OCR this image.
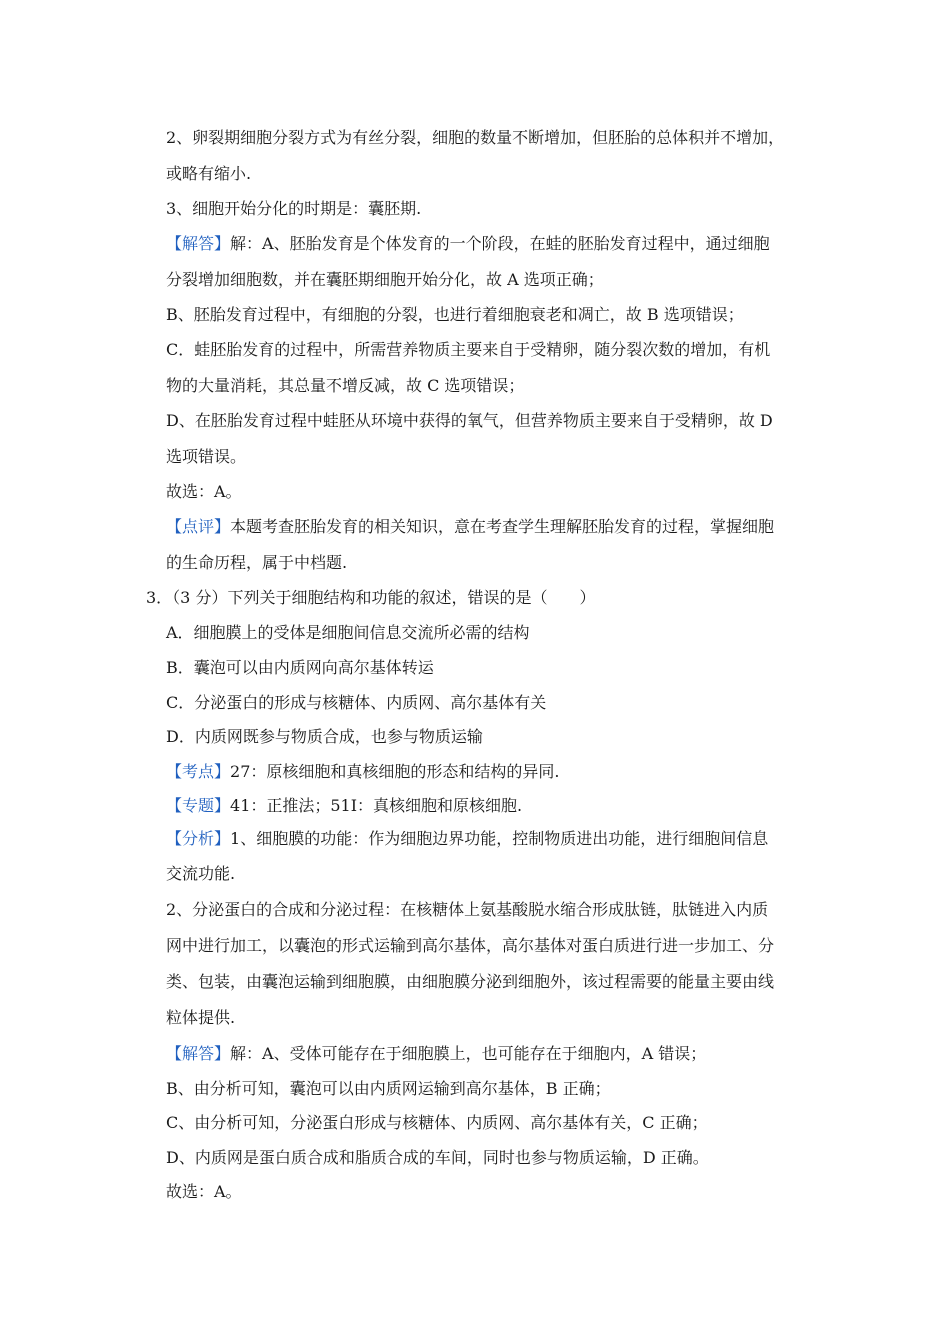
2、卵裂期细胞分裂方式为有丝分裂，细胞的数量不断增加，但胚胎的总体积并不增加，
或略有缩小.
3、细胞开始分化的时期是：囊胚期.
【解答】解：A、胚胎发育是个体发育的一个阶段，在蛙的胚胎发育过程中，通过细胞
分裂增加细胞数，并在囊胚期细胞开始分化，故 A 选项正确；
B、胚胎发育过程中，有细胞的分裂，也进行着细胞衰老和凋亡，故 B 选项错误；
C．蛙胚胎发育的过程中，所需营养物质主要来自于受精卵，随分裂次数的增加，有机
物的大量消耗，其总量不增反减，故 C 选项错误；
D、在胚胎发育过程中蛙胚从环境中获得的氧气，但营养物质主要来自于受精卵，故 D
选项错误。
故选：A。
【点评】本题考查胚胎发育的相关知识，意在考查学生理解胚胎发育的过程，掌握细胞
的生命历程，属于中档题.
3．（3 分）下列关于细胞结构和功能的叙述，错误的是（　　）
A．细胞膜上的受体是细胞间信息交流所必需的结构
B．囊泡可以由内质网向高尔基体转运
C．分泌蛋白的形成与核糖体、内质网、高尔基体有关
D．内质网既参与物质合成，也参与物质运输
【考点】27：原核细胞和真核细胞的形态和结构的异同.
【专题】41：正推法；51I：真核细胞和原核细胞.
【分析】1、细胞膜的功能：作为细胞边界功能，控制物质进出功能，进行细胞间信息
交流功能.
2、分泌蛋白的合成和分泌过程：在核糖体上氨基酸脱水缩合形成肽链，肽链进入内质
网中进行加工，以囊泡的形式运输到高尔基体，高尔基体对蛋白质进行进一步加工、分
类、包装，由囊泡运输到细胞膜，由细胞膜分泌到细胞外，该过程需要的能量主要由线
粒体提供.
【解答】解：A、受体可能存在于细胞膜上，也可能存在于细胞内，A 错误；
B、由分析可知，囊泡可以由内质网运输到高尔基体，B 正确；
C、由分析可知，分泌蛋白形成与核糖体、内质网、高尔基体有关，C 正确；
D、内质网是蛋白质合成和脂质合成的车间，同时也参与物质运输，D 正确。
故选：A。
